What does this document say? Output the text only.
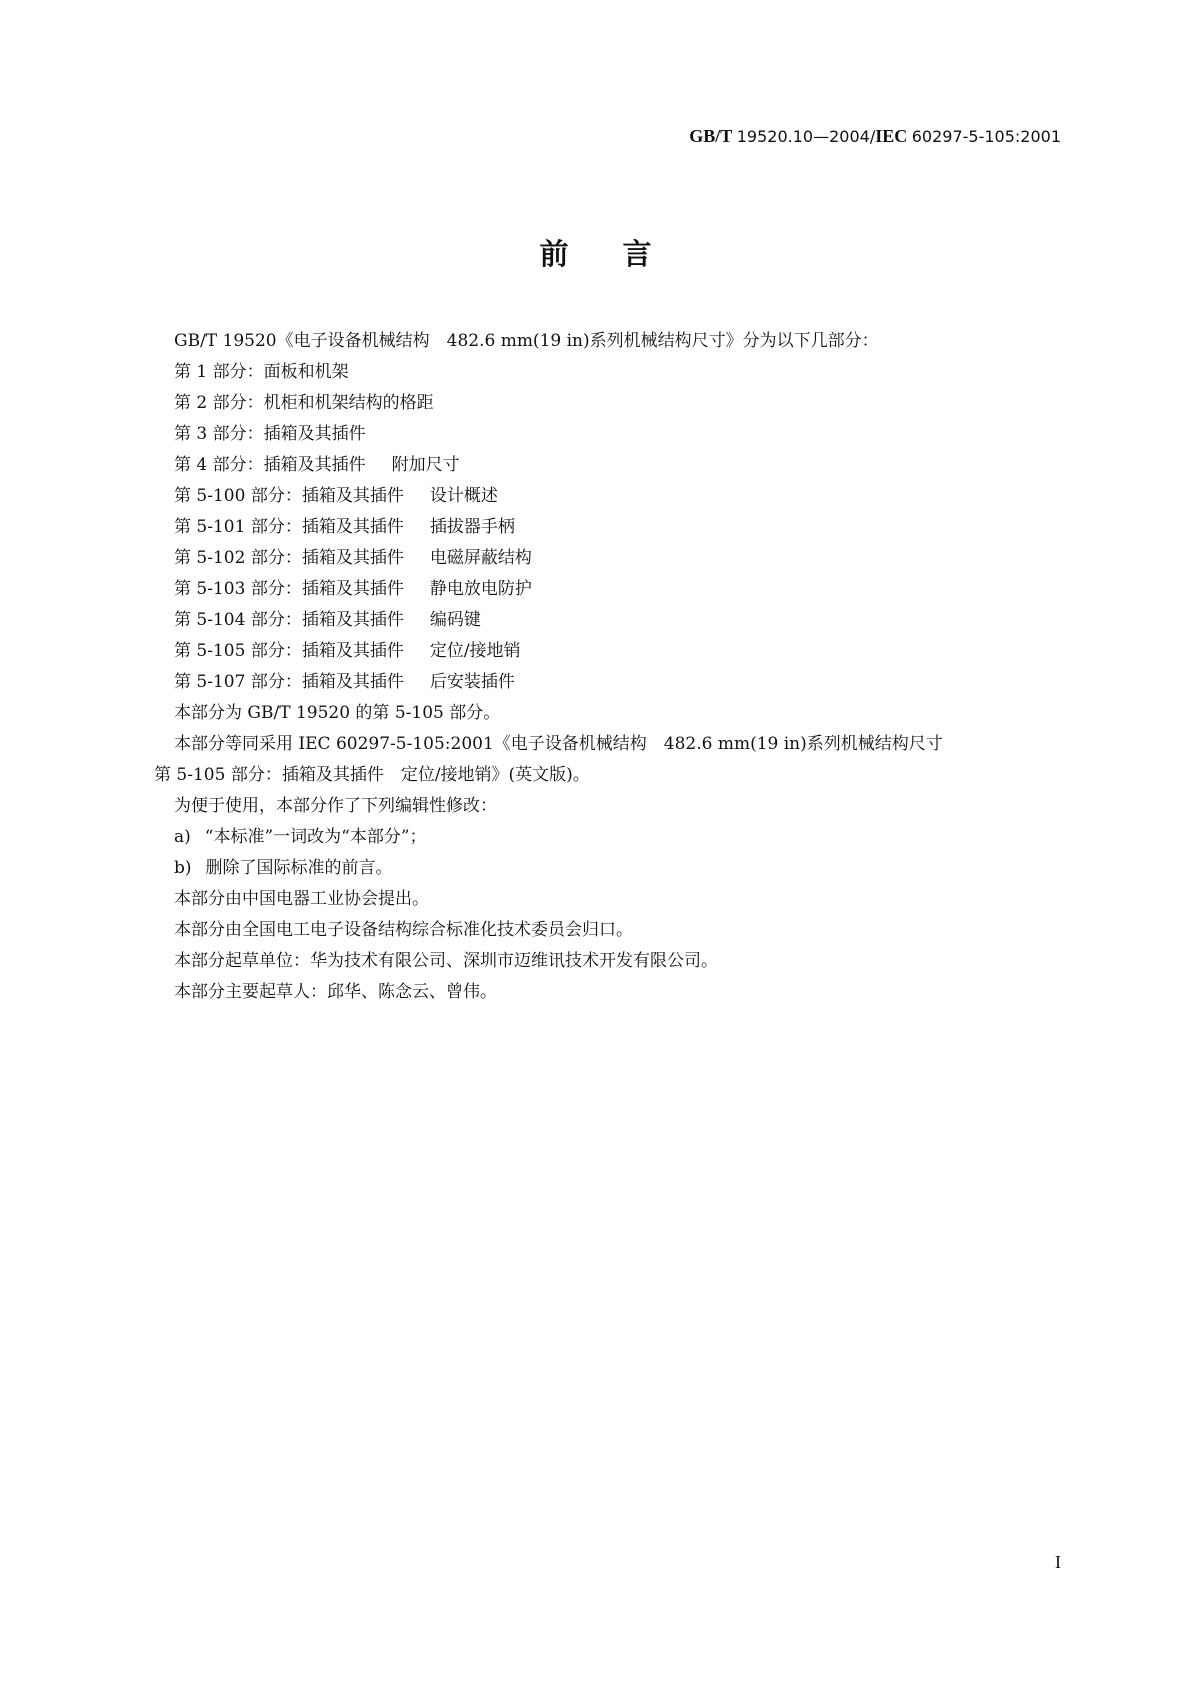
GB/T 19520.10—2004/IEC 60297-5-105:2001
前言
GB/T 19520《电子设备机械结构　482.6 mm(19 in)系列机械结构尺寸》分为以下几部分：
第 1 部分：面板和机架
第 2 部分：机柜和机架结构的格距
第 3 部分：插箱及其插件
第 4 部分：插箱及其插件 附加尺寸
第 5-100 部分：插箱及其插件 设计概述
第 5-101 部分：插箱及其插件 插拔器手柄
第 5-102 部分：插箱及其插件 电磁屏蔽结构
第 5-103 部分：插箱及其插件 静电放电防护
第 5-104 部分：插箱及其插件 编码键
第 5-105 部分：插箱及其插件 定位/接地销
第 5-107 部分：插箱及其插件 后安装插件
本部分为 GB/T 19520 的第 5-105 部分。
本部分等同采用 IEC 60297-5-105:2001《电子设备机械结构　482.6 mm(19 in)系列机械结构尺寸
第 5-105 部分：插箱及其插件　定位/接地销》(英文版)。
为便于使用，本部分作了下列编辑性修改：
a) “本标准”一词改为“本部分”；
b) 删除了国际标准的前言。
本部分由中国电器工业协会提出。
本部分由全国电工电子设备结构综合标准化技术委员会归口。
本部分起草单位：华为技术有限公司、深圳市迈维讯技术开发有限公司。
本部分主要起草人：邱华、陈念云、曾伟。
I
